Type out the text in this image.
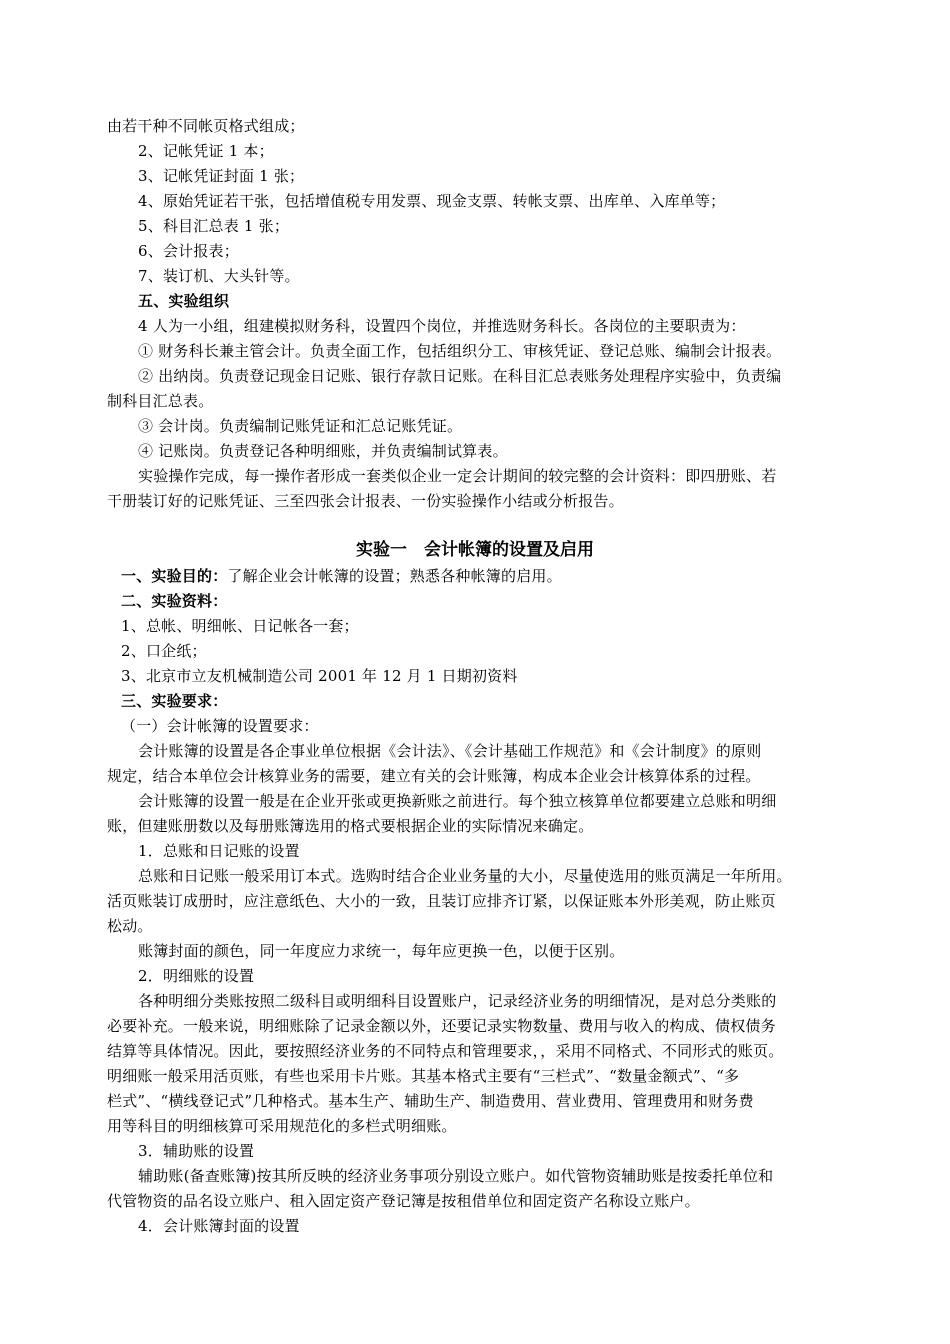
由若干种不同帐页格式组成；
2、记帐凭证 1 本；
3、记帐凭证封面 1 张；
4、原始凭证若干张，包括增值税专用发票、现金支票、转帐支票、出库单、入库单等；
5、科目汇总表 1 张；
6、会计报表；
7、装订机、大头针等。
五、实验组织
4 人为一小组，组建模拟财务科，设置四个岗位，并推选财务科长。各岗位的主要职责为：
① 财务科长兼主管会计。负责全面工作，包括组织分工、审核凭证、登记总账、编制会计报表。
② 出纳岗。负责登记现金日记账、银行存款日记账。在科目汇总表账务处理程序实验中，负责编
制科目汇总表。
③ 会计岗。负责编制记账凭证和汇总记账凭证。
④ 记账岗。负责登记各种明细账，并负责编制试算表。
实验操作完成，每一操作者形成一套类似企业一定会计期间的较完整的会计资料：即四册账、若
干册装订好的记账凭证、三至四张会计报表、一份实验操作小结或分析报告。
实验一　会计帐簿的设置及启用
一、实验目的：了解企业会计帐簿的设置；熟悉各种帐簿的启用。
二、实验资料：
1、总帐、明细帐、日记帐各一套；
2、口企纸；
3、北京市立友机械制造公司 2001 年 12 月 1 日期初资料
三、实验要求：
（一）会计帐簿的设置要求：
会计账簿的设置是各企事业单位根据《会计法》、《会计基础工作规范》和《会计制度》的原则
规定，结合本单位会计核算业务的需要，建立有关的会计账簿，构成本企业会计核算体系的过程。
会计账簿的设置一般是在企业开张或更换新账之前进行。每个独立核算单位都要建立总账和明细
账，但建账册数以及每册账簿选用的格式要根据企业的实际情况来确定。
1．总账和日记账的设置
总账和日记账一般采用订本式。选购时结合企业业务量的大小，尽量使选用的账页满足一年所用。
活页账装订成册时，应注意纸色、大小的一致，且装订应排齐订紧，以保证账本外形美观，防止账页
松动。
账簿封面的颜色，同一年度应力求统一，每年应更换一色，以便于区别。
2．明细账的设置
各种明细分类账按照二级科目或明细科目设置账户，记录经济业务的明细情况，是对总分类账的
必要补充。一般来说，明细账除了记录金额以外，还要记录实物数量、费用与收入的构成、债权债务
结算等具体情况。因此，要按照经济业务的不同特点和管理要求，，采用不同格式、不同形式的账页。
明细账一般采用活页账，有些也采用卡片账。其基本格式主要有“三栏式”、“数量金额式”、“多
栏式”、“横线登记式”几种格式。基本生产、辅助生产、制造费用、营业费用、管理费用和财务费
用等科目的明细核算可采用规范化的多栏式明细账。
3．辅助账的设置
辅助账(备查账簿)按其所反映的经济业务事项分别设立账户。如代管物资辅助账是按委托单位和
代管物资的品名设立账户、租入固定资产登记簿是按租借单位和固定资产名称设立账户。
4．会计账簿封面的设置
